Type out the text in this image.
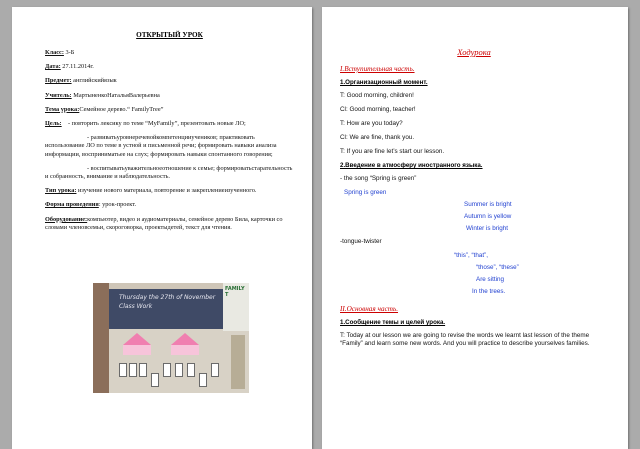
ОТКРЫТЫЙ УРОК
Класс: 3-Б
Дата: 27.11.2014г.
Предмет: английскийязык
Учитель: МартыненкоНатальяВалерьевна
Тема урока:Семейное дерево.“ FamilyTree”
Цель: - повторить лексику по теме “MyFamily”, презентовать новые ЛО;
- развиватьуровнеречевойкомпетенцииучеников; практиковать использование ЛО по теме в устной и письменной речи; формировать навыки анализа информации, восприниматьее на слух; формировать навыки спонтанного говорения;
- воспитыватьуважительноеотношение к семье; формироватьстарательность и собранность, внимание и наблюдательность.
Тип урока: изучение нового материала, повторение и закреплениеизученного.
Форма проведения: урок-проект.
Оборудование:компьютер, видео и аудиоматериалы, семейное дерево Била, карточки со словами членовсемьи, скороговорка, проектыдетей, текст для чтения.
Thursday the 27th of November Class Work
FAMILY T
Ходурока
I.Вступительная часть.
1.Организационный момент.
T: Good morning, children!
Cl: Good morning, teacher!
T: How are you today?
Cl: We are fine, thank you.
T: If you are fine let’s start our lesson.
2.Введение в атмосферу иностранного языка.
- the song “Spring is green”
Spring is green
Summer is bright
Autumn is yellow
Winter is bright
-tongue-twister
“this”, “that”,
“those”, “these”
Are sitting
In the trees.
II.Основная часть.
1.Сообщение темы и целей урока.
T: Today at our lesson we are going to revise the words we learnt last lesson of the theme “Family” and learn some new words. And you will practice to describe yourselves families.
